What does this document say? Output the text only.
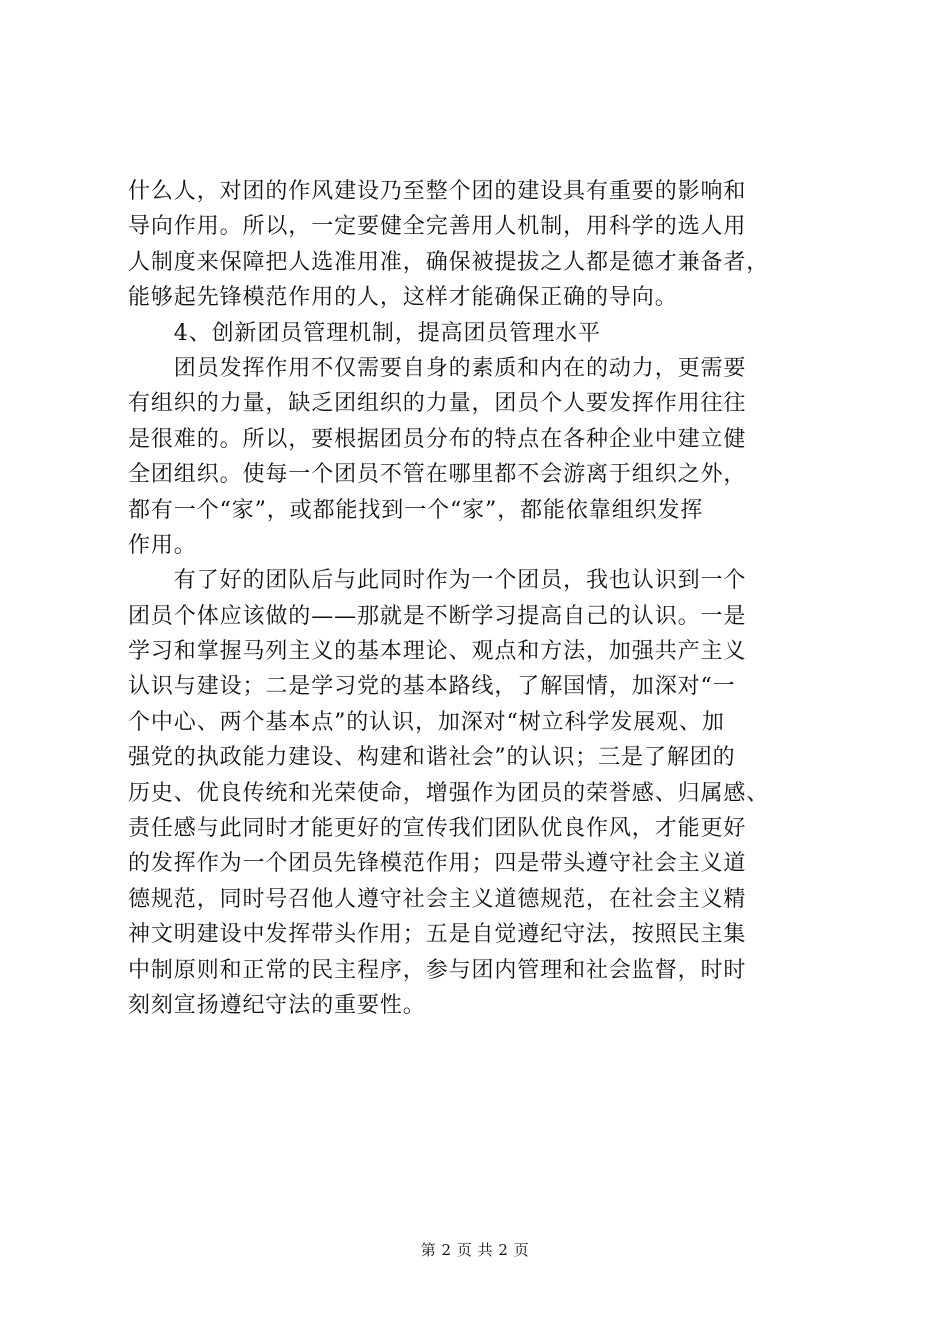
什么人，对团的作风建设乃至整个团的建设具有重要的影响和
导向作用。所以，一定要健全完善用人机制，用科学的选人用
人制度来保障把人选准用准，确保被提拔之人都是德才兼备者，
能够起先锋模范作用的人，这样才能确保正确的导向。
　　4、创新团员管理机制，提高团员管理水平
　　团员发挥作用不仅需要自身的素质和内在的动力，更需要
有组织的力量，缺乏团组织的力量，团员个人要发挥作用往往
是很难的。所以，要根据团员分布的特点在各种企业中建立健
全团组织。使每一个团员不管在哪里都不会游离于组织之外，
都有一个“家”，或都能找到一个“家”，都能依靠组织发挥
作用。
　　有了好的团队后与此同时作为一个团员，我也认识到一个
团员个体应该做的——那就是不断学习提高自己的认识。一是
学习和掌握马列主义的基本理论、观点和方法，加强共产主义
认识与建设；二是学习党的基本路线，了解国情，加深对“一
个中心、两个基本点”的认识，加深对“树立科学发展观、加
强党的执政能力建设、构建和谐社会”的认识；三是了解团的
历史、优良传统和光荣使命，增强作为团员的荣誉感、归属感、
责任感与此同时才能更好的宣传我们团队优良作风，才能更好
的发挥作为一个团员先锋模范作用；四是带头遵守社会主义道
德规范，同时号召他人遵守社会主义道德规范，在社会主义精
神文明建设中发挥带头作用；五是自觉遵纪守法，按照民主集
中制原则和正常的民主程序，参与团内管理和社会监督，时时
刻刻宣扬遵纪守法的重要性。
第 2 页 共 2 页
